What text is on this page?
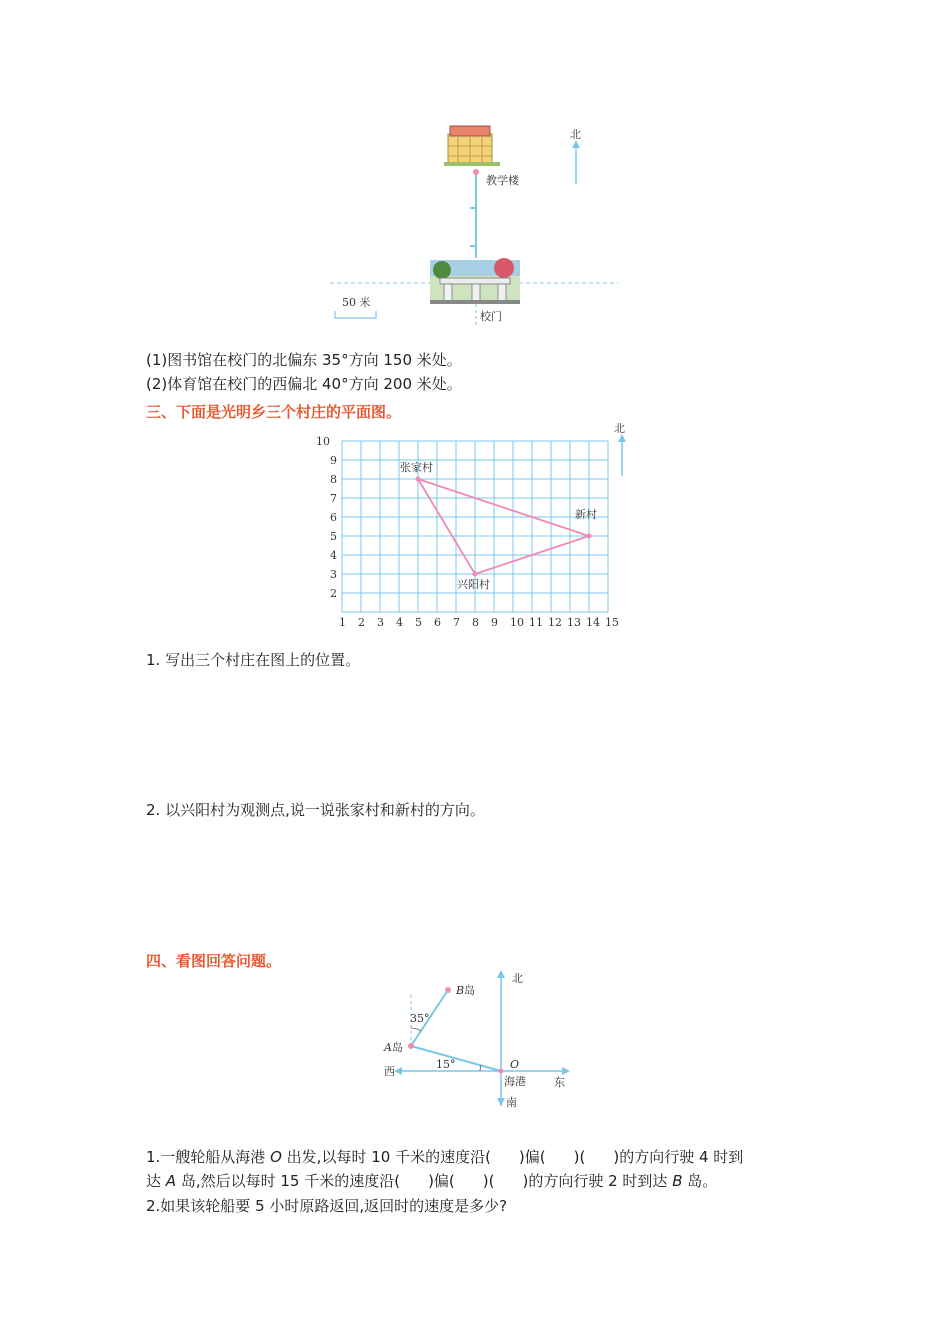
教学楼
北
校门
50 米
(1)图书馆在校门的北偏东 35°方向 150 米处。
(2)体育馆在校门的西偏北 40°方向 200 米处。
三、下面是光明乡三个村庄的平面图。
1 2 3 4 5 6 7 8 9 10 11 12 13 14 15
2
3
4
5
6
7
8
9
10
张家村
新村
兴阳村
北
1. 写出三个村庄在图上的位置。
2. 以兴阳村为观测点,说一说张家村和新村的方向。
四、看图回答问题。
北
南
东
西
O
海港
A岛
B岛
35°
15°
1.一艘轮船从海港 O 出发,以每时 10 千米的速度沿( )偏( )( )的方向行驶 4 时到
达 A 岛,然后以每时 15 千米的速度沿( )偏( )( )的方向行驶 2 时到达 B 岛。
2.如果该轮船要 5 小时原路返回,返回时的速度是多少?
